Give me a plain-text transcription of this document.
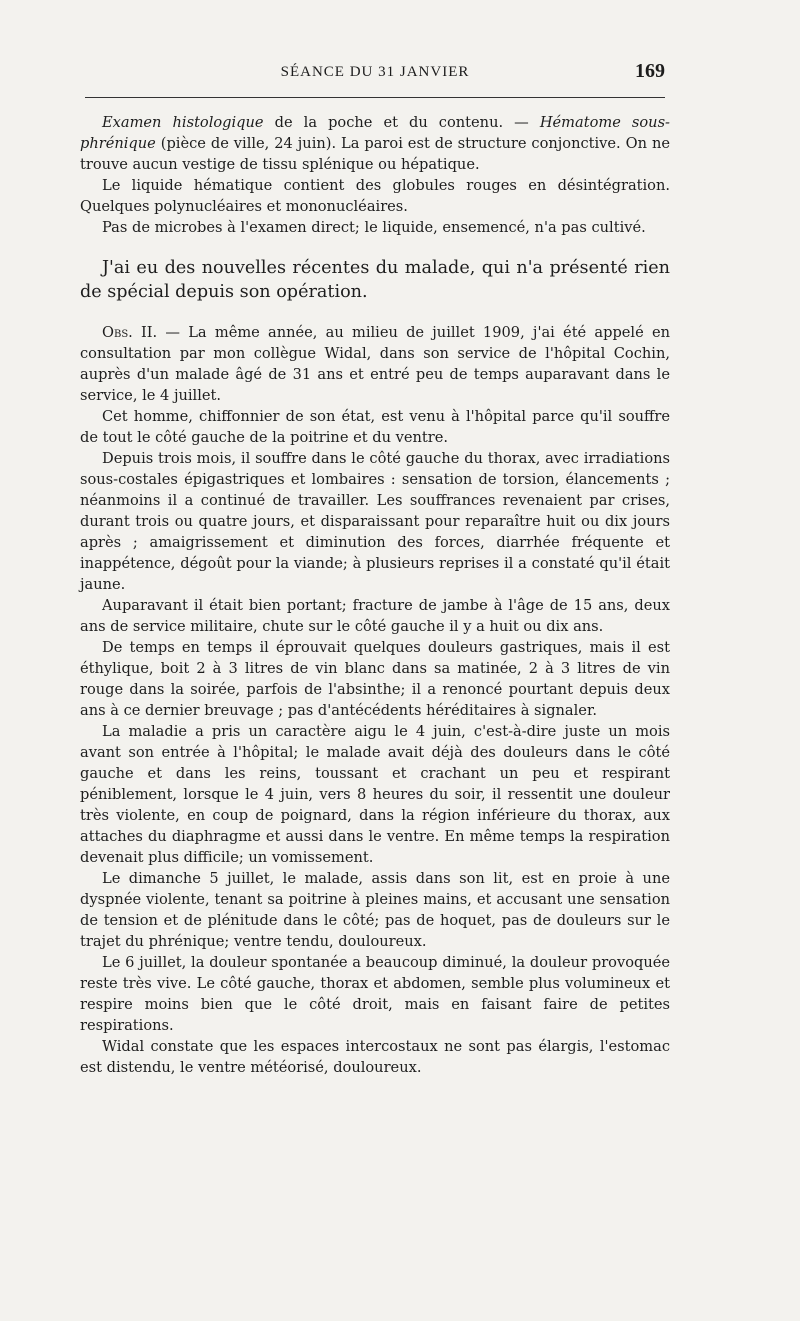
SÉANCE DU 31 JANVIER	169

Examen histologique de la poche et du contenu. — Hématome sous-phrénique (pièce de ville, 24 juin). La paroi est de structure conjonctive. On ne trouve aucun vestige de tissu splénique ou hépatique.

Le liquide hématique contient des globules rouges en désintégration. Quelques polynucléaires et mononucléaires.

Pas de microbes à l'examen direct; le liquide, ensemencé, n'a pas cultivé.

J'ai eu des nouvelles récentes du malade, qui n'a présenté rien de spécial depuis son opération.

Obs. II. — La même année, au milieu de juillet 1909, j'ai été appelé en consultation par mon collègue Widal, dans son service de l'hôpital Cochin, auprès d'un malade âgé de 31 ans et entré peu de temps auparavant dans le service, le 4 juillet.

Cet homme, chiffonnier de son état, est venu à l'hôpital parce qu'il souffre de tout le côté gauche de la poitrine et du ventre.

Depuis trois mois, il souffre dans le côté gauche du thorax, avec irradiations sous-costales épigastriques et lombaires : sensation de torsion, élancements ; néanmoins il a continué de travailler. Les souffrances revenaient par crises, durant trois ou quatre jours, et disparaissant pour reparaître huit ou dix jours après ; amaigrissement et diminution des forces, diarrhée fréquente et inappétence, dégoût pour la viande; à plusieurs reprises il a constaté qu'il était jaune.

Auparavant il était bien portant; fracture de jambe à l'âge de 15 ans, deux ans de service militaire, chute sur le côté gauche il y a huit ou dix ans.

De temps en temps il éprouvait quelques douleurs gastriques, mais il est éthylique, boit 2 à 3 litres de vin blanc dans sa matinée, 2 à 3 litres de vin rouge dans la soirée, parfois de l'absinthe; il a renoncé pourtant depuis deux ans à ce dernier breuvage ; pas d'antécédents héréditaires à signaler.

La maladie a pris un caractère aigu le 4 juin, c'est-à-dire juste un mois avant son entrée à l'hôpital; le malade avait déjà des douleurs dans le côté gauche et dans les reins, toussant et crachant un peu et respirant péniblement, lorsque le 4 juin, vers 8 heures du soir, il ressentit une douleur très violente, en coup de poignard, dans la région inférieure du thorax, aux attaches du diaphragme et aussi dans le ventre. En même temps la respiration devenait plus difficile; un vomissement.

Le dimanche 5 juillet, le malade, assis dans son lit, est en proie à une dyspnée violente, tenant sa poitrine à pleines mains, et accusant une sensation de tension et de plénitude dans le côté; pas de hoquet, pas de douleurs sur le trajet du phrénique; ventre tendu, douloureux.

Le 6 juillet, la douleur spontanée a beaucoup diminué, la douleur provoquée reste très vive. Le côté gauche, thorax et abdomen, semble plus volumineux et respire moins bien que le côté droit, mais en faisant faire de petites respirations.

Widal constate que les espaces intercostaux ne sont pas élargis, l'estomac est distendu, le ventre météorisé, douloureux.
